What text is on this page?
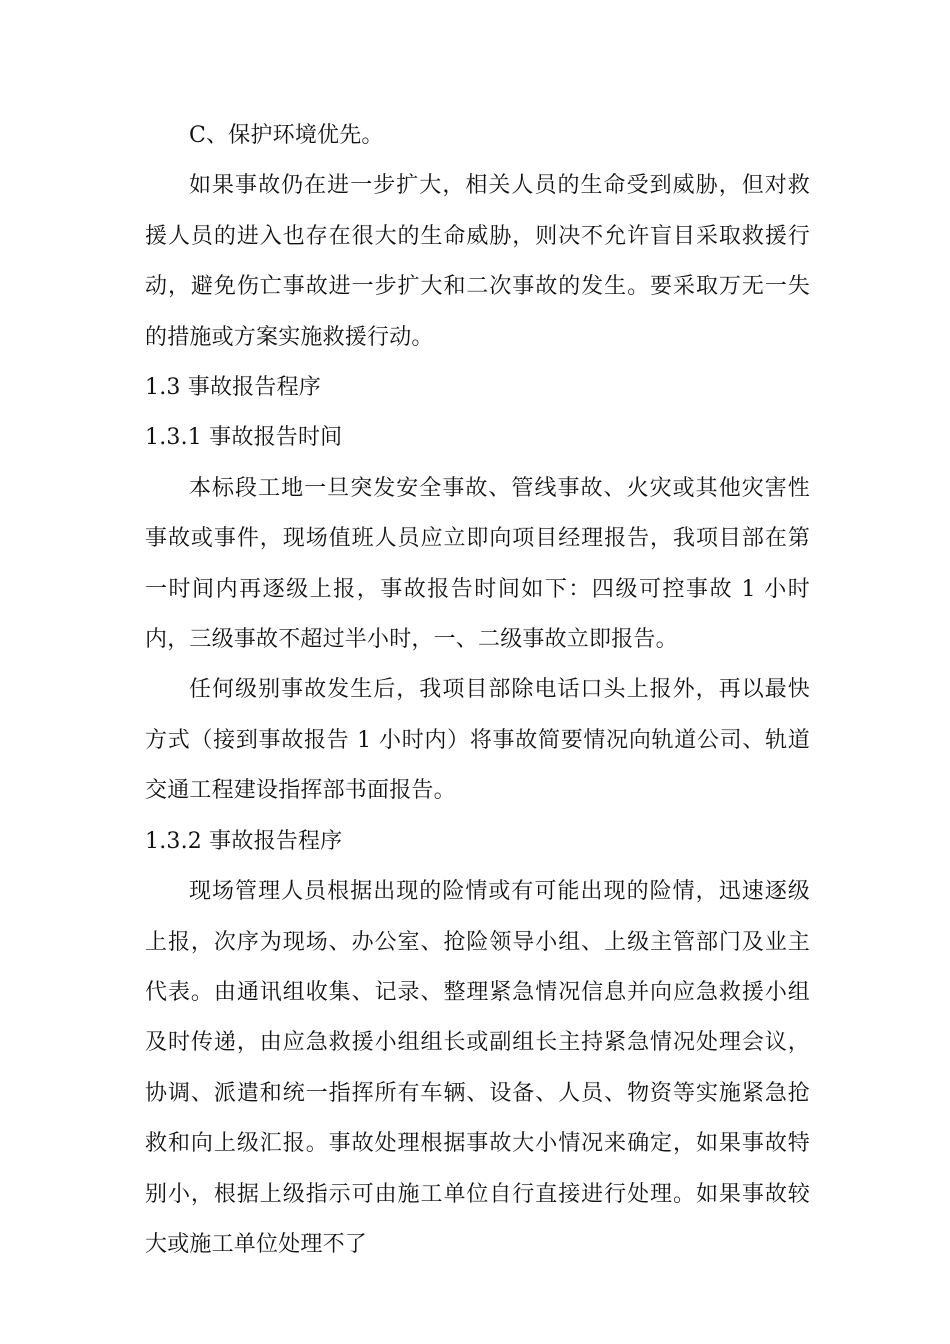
C、保护环境优先。

如果事故仍在进一步扩大，相关人员的生命受到威胁，但对救援人员的进入也存在很大的生命威胁，则决不允许盲目采取救援行动，避免伤亡事故进一步扩大和二次事故的发生。要采取万无一失的措施或方案实施救援行动。

1.3 事故报告程序

1.3.1 事故报告时间

本标段工地一旦突发安全事故、管线事故、火灾或其他灾害性事故或事件，现场值班人员应立即向项目经理报告，我项目部在第一时间内再逐级上报，事故报告时间如下：四级可控事故 1 小时内，三级事故不超过半小时，一、二级事故立即报告。

任何级别事故发生后，我项目部除电话口头上报外，再以最快方式（接到事故报告 1 小时内）将事故简要情况向轨道公司、轨道交通工程建设指挥部书面报告。

1.3.2 事故报告程序

现场管理人员根据出现的险情或有可能出现的险情，迅速逐级上报，次序为现场、办公室、抢险领导小组、上级主管部门及业主代表。由通讯组收集、记录、整理紧急情况信息并向应急救援小组及时传递，由应急救援小组组长或副组长主持紧急情况处理会议，协调、派遣和统一指挥所有车辆、设备、人员、物资等实施紧急抢救和向上级汇报。事故处理根据事故大小情况来确定，如果事故特别小，根据上级指示可由施工单位自行直接进行处理。如果事故较大或施工单位处理不了
